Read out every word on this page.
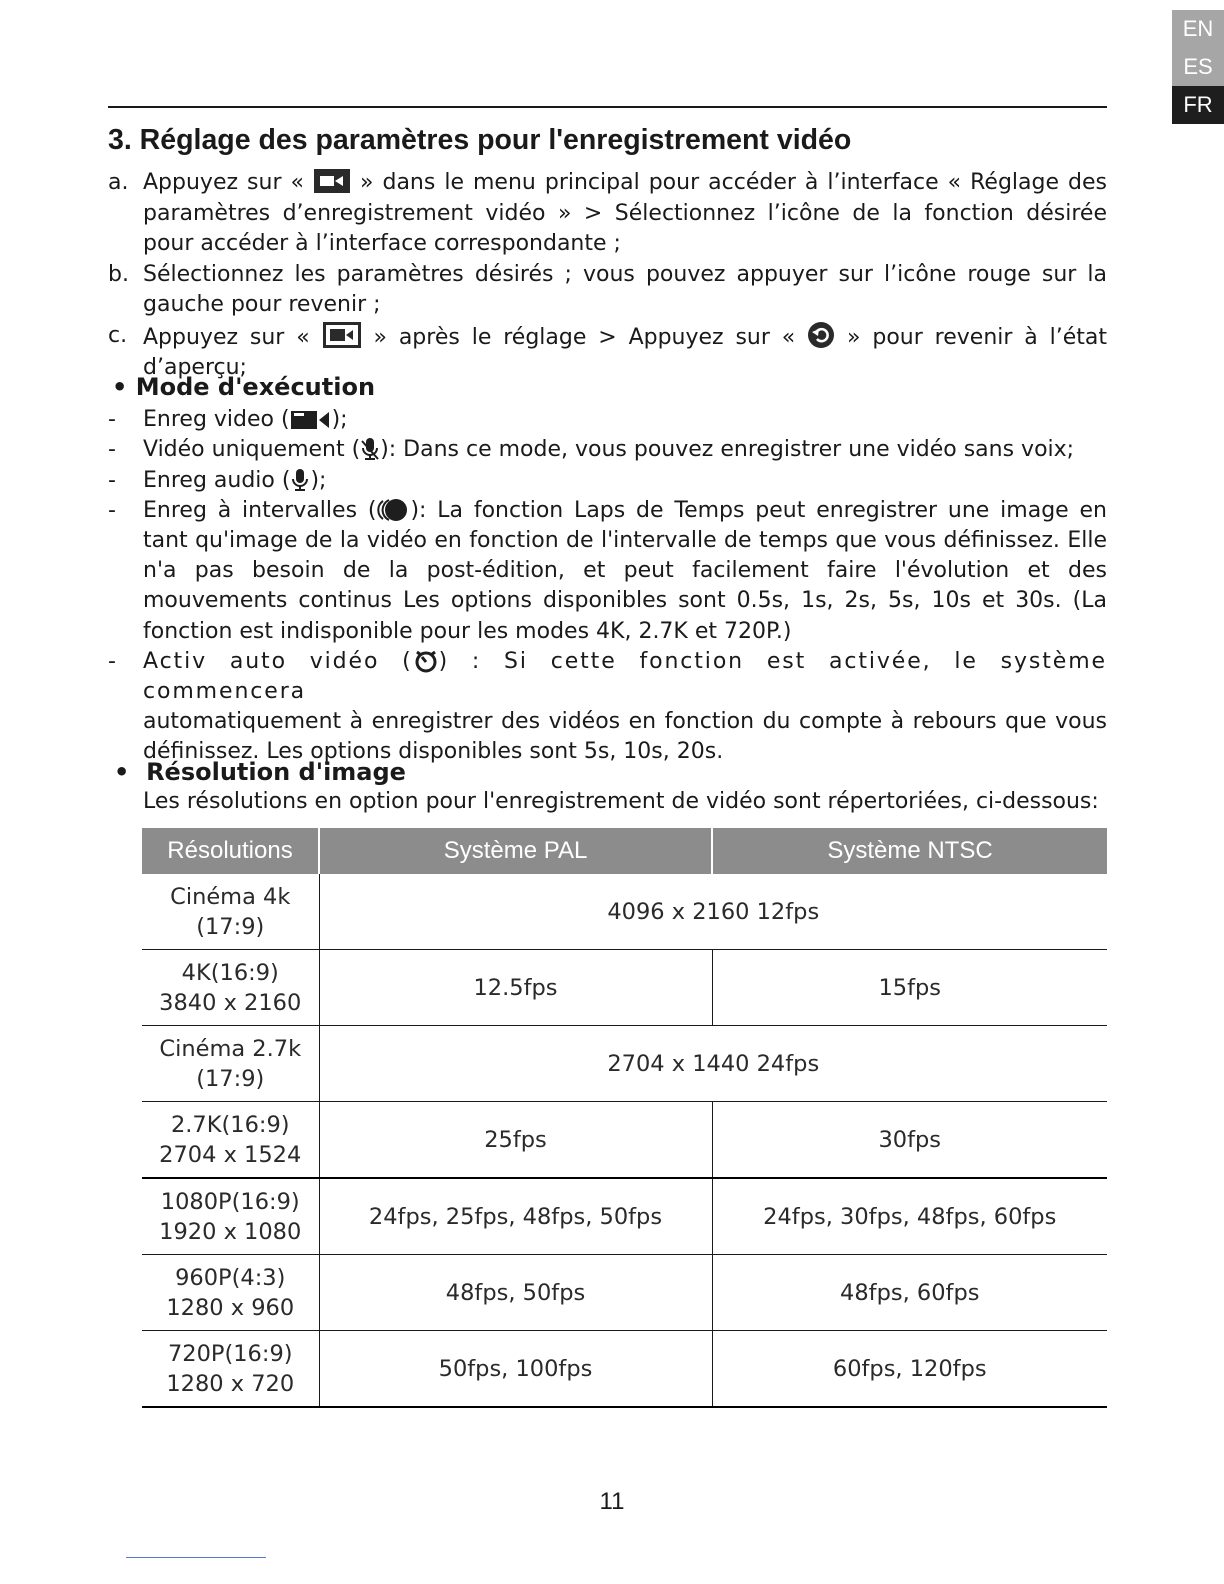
EN
ES
FR
3. Réglage des paramètres pour l'enregistrement vidéo
a. Appuyez sur «	» dans le menu principal pour accéder à l’interface « Réglage des paramètres d’enregistrement vidéo » > Sélectionnez l’icône de la fonction désirée pour accéder à l’interface correspondante ;
b. Sélectionnez les paramètres désirés ; vous pouvez appuyer sur l’icône rouge sur la gauche pour revenir ;
c. Appuyez sur «	» après le réglage > Appuyez sur « » pour revenir à l’état d’aperçu;
• Mode d'exécution
- Enreg video ( );
- Vidéo uniquement ( ): Dans ce mode, vous pouvez enregistrer une vidéo sans voix;
- Enreg audio ( );
- Enreg à intervalles ( ): La fonction Laps de Temps peut enregistrer une image en tant qu'image de la vidéo en fonction de l'intervalle de temps que vous définissez. Elle n'a pas besoin de la post-édition, et peut facilement faire l'évolution et des mouvements continus Les options disponibles sont 0.5s, 1s, 2s, 5s, 10s et 30s. (La fonction est indisponible pour les modes 4K, 2.7K et 720P.)
- Activ auto vidéo ( ) : Si cette fonction est activée, le système commencera
automatiquement à enregistrer des vidéos en fonction du compte à rebours que vous définissez. Les options disponibles sont 5s, 10s, 20s.
•  Résolution d'image
Les résolutions en option pour l'enregistrement de vidéo sont répertoriées, ci-dessous:
Résolutions	Système PAL	Système NTSC

Cinéma 4k
(17:9)	4096 x 2160 12fps	

4K(16:9)
3840 x 2160	12.5fps	15fps

Cinéma 2.7k
(17:9)	2704 x 1440 24fps	

2.7K(16:9)
2704 x 1524	25fps	30fps

1080P(16:9)
1920 x 1080	24fps, 25fps, 48fps, 50fps	24fps, 30fps, 48fps, 60fps

960P(4:3)
1280 x 960	48fps, 50fps	48fps, 60fps

720P(16:9)
1280 x 720	50fps, 100fps	60fps, 120fps
11
